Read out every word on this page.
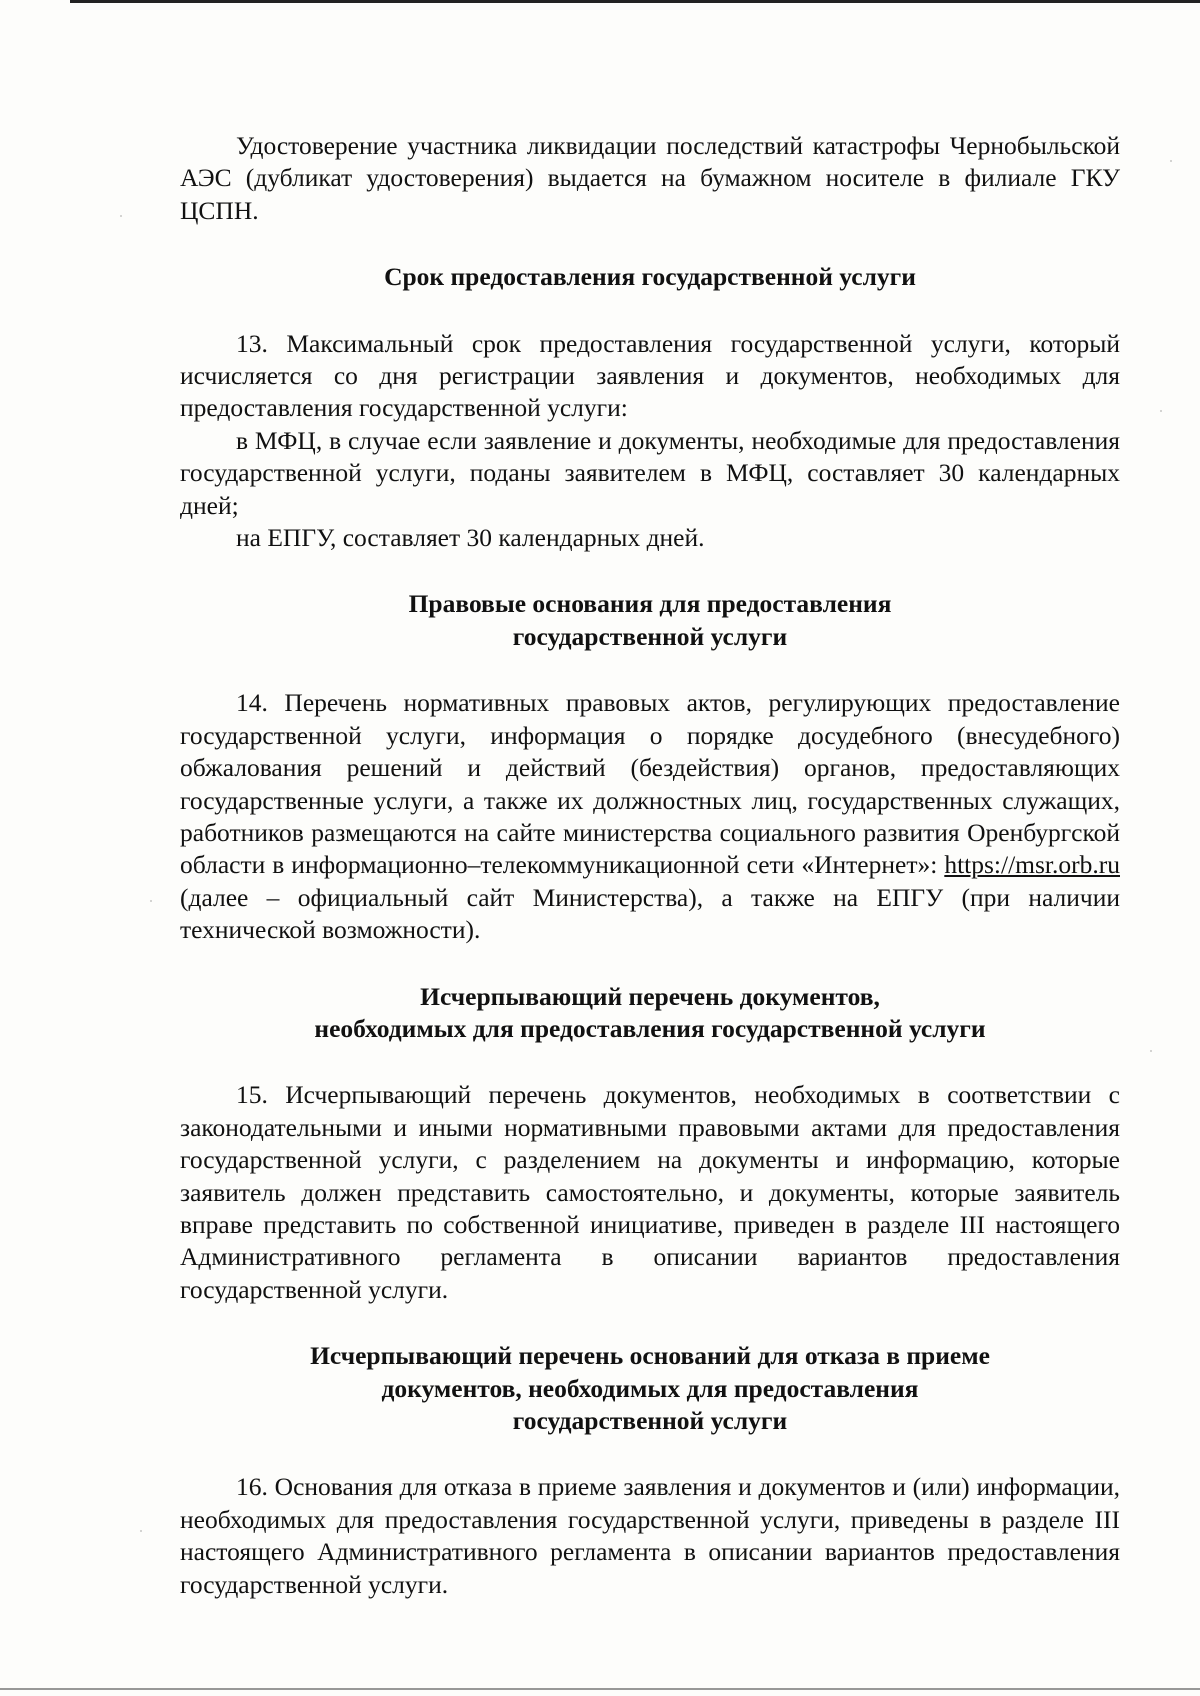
Удостоверение участника ликвидации последствий катастрофы Чернобыльской АЭС (дубликат удостоверения) выдается на бумажном носителе в филиале ГКУ ЦСПН.

Срок предоставления государственной услуги

13. Максимальный срок предоставления государственной услуги, который исчисляется со дня регистрации заявления и документов, необходимых для предоставления государственной услуги:

в МФЦ, в случае если заявление и документы, необходимые для предоставления государственной услуги, поданы заявителем в МФЦ, составляет 30 календарных дней;

на ЕПГУ, составляет 30 календарных дней.

Правовые основания для предоставления
государственной услуги

14. Перечень нормативных правовых актов, регулирующих предоставление государственной услуги, информация о порядке досудебного (внесудебного) обжалования решений и действий (бездействия) органов, предоставляющих государственные услуги, а также их должностных лиц, государственных служащих, работников размещаются на сайте министерства социального развития Оренбургской области в информационно–телекоммуникационной сети «Интернет»: https://msr.orb.ru (далее – официальный сайт Министерства), а также на ЕПГУ (при наличии технической возможности).

Исчерпывающий перечень документов,
необходимых для предоставления государственной услуги

15. Исчерпывающий перечень документов, необходимых в соответствии с законодательными и иными нормативными правовыми актами для предоставления государственной услуги, с разделением на документы и информацию, которые заявитель должен представить самостоятельно, и документы, которые заявитель вправе представить по собственной инициативе, приведен в разделе III настоящего Административного регламента в описании вариантов предоставления государственной услуги.

Исчерпывающий перечень оснований для отказа в приеме
документов, необходимых для предоставления
государственной услуги

16. Основания для отказа в приеме заявления и документов и (или) информации, необходимых для предоставления государственной услуги, приведены в разделе III настоящего Административного регламента в описании вариантов предоставления государственной услуги.
